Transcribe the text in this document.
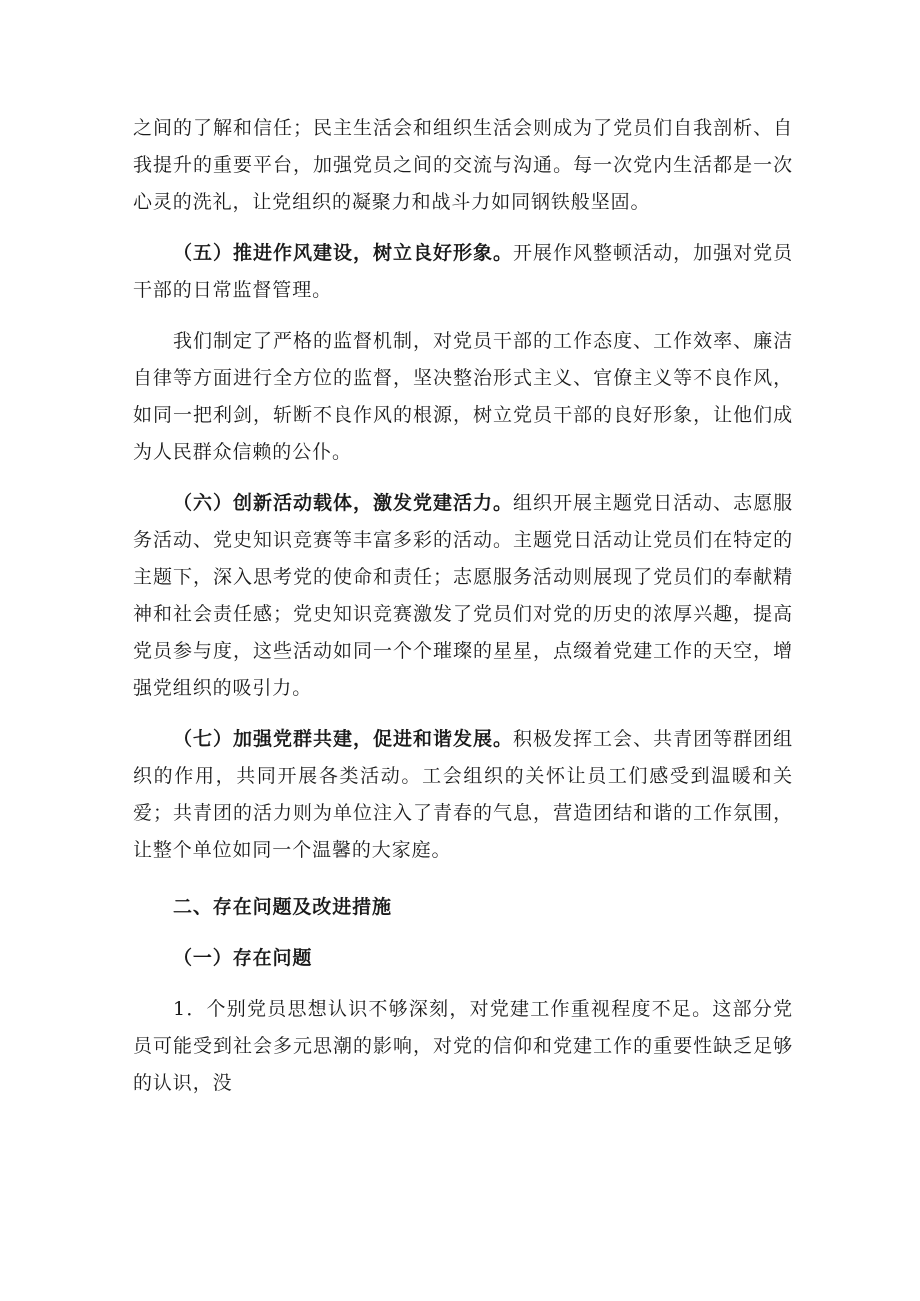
之间的了解和信任；民主生活会和组织生活会则成为了党员们自我剖析、自我提升的重要平台，加强党员之间的交流与沟通。每一次党内生活都是一次心灵的洗礼，让党组织的凝聚力和战斗力如同钢铁般坚固。

（五）推进作风建设，树立良好形象。开展作风整顿活动，加强对党员干部的日常监督管理。

我们制定了严格的监督机制，对党员干部的工作态度、工作效率、廉洁自律等方面进行全方位的监督，坚决整治形式主义、官僚主义等不良作风，如同一把利剑，斩断不良作风的根源，树立党员干部的良好形象，让他们成为人民群众信赖的公仆。

（六）创新活动载体，激发党建活力。组织开展主题党日活动、志愿服务活动、党史知识竞赛等丰富多彩的活动。主题党日活动让党员们在特定的主题下，深入思考党的使命和责任；志愿服务活动则展现了党员们的奉献精神和社会责任感；党史知识竞赛激发了党员们对党的历史的浓厚兴趣，提高党员参与度，这些活动如同一个个璀璨的星星，点缀着党建工作的天空，增强党组织的吸引力。

（七）加强党群共建，促进和谐发展。积极发挥工会、共青团等群团组织的作用，共同开展各类活动。工会组织的关怀让员工们感受到温暖和关爱；共青团的活力则为单位注入了青春的气息，营造团结和谐的工作氛围，让整个单位如同一个温馨的大家庭。

二、存在问题及改进措施

（一）存在问题

1．个别党员思想认识不够深刻，对党建工作重视程度不足。这部分党员可能受到社会多元思潮的影响，对党的信仰和党建工作的重要性缺乏足够的认识，没
